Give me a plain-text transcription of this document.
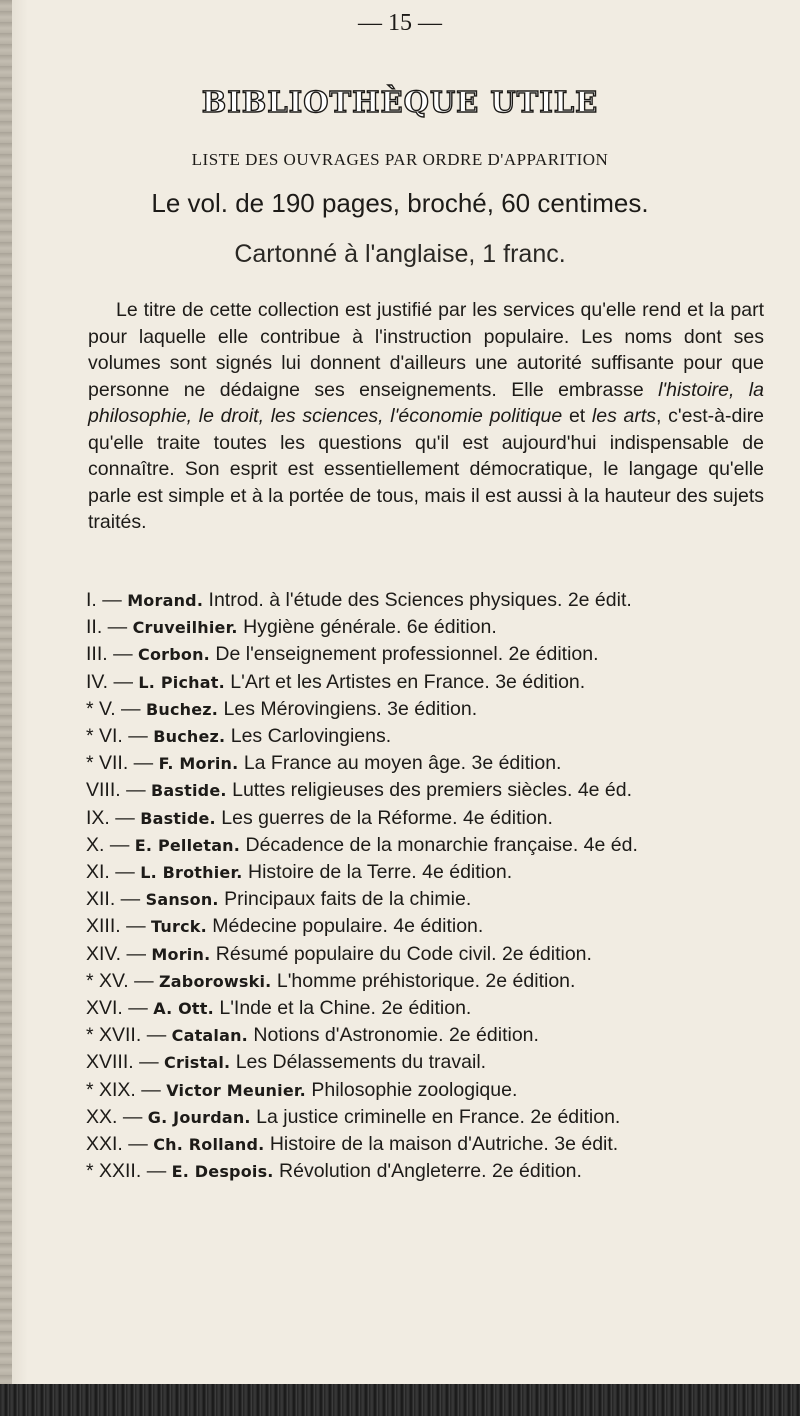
— 15 —
BIBLIOTHÈQUE UTILE
LISTE DES OUVRAGES PAR ORDRE D'APPARITION
Le vol. de 190 pages, broché, 60 centimes.
Cartonné à l'anglaise, 1 franc.

Le titre de cette collection est justifié par les services qu'elle rend et la part pour laquelle elle contribue à l'instruction populaire. Les noms dont ses volumes sont signés lui donnent d'ailleurs une autorité suffisante pour que personne ne dédaigne ses enseignements. Elle embrasse l'histoire, la philosophie, le droit, les sciences, l'économie politique et les arts, c'est-à-dire qu'elle traite toutes les questions qu'il est aujourd'hui indispensable de connaître. Son esprit est essentiellement démocratique, le langage qu'elle parle est simple et à la portée de tous, mais il est aussi à la hauteur des sujets traités.

I. — Morand. Introd. à l'étude des Sciences physiques. 2e édit.
II. — Cruveilhier. Hygiène générale. 6e édition.
III. — Corbon. De l'enseignement professionnel. 2e édition.
IV. — L. Pichat. L'Art et les Artistes en France. 3e édition.
* V. — Buchez. Les Mérovingiens. 3e édition.
* VI. — Buchez. Les Carlovingiens.
* VII. — F. Morin. La France au moyen âge. 3e édition.
VIII. — Bastide. Luttes religieuses des premiers siècles. 4e éd.
IX. — Bastide. Les guerres de la Réforme. 4e édition.
X. — E. Pelletan. Décadence de la monarchie française. 4e éd.
XI. — L. Brothier. Histoire de la Terre. 4e édition.
XII. — Sanson. Principaux faits de la chimie.
XIII. — Turck. Médecine populaire. 4e édition.
XIV. — Morin. Résumé populaire du Code civil. 2e édition.
* XV. — Zaborowski. L'homme préhistorique. 2e édition.
XVI. — A. Ott. L'Inde et la Chine. 2e édition.
* XVII. — Catalan. Notions d'Astronomie. 2e édition.
XVIII. — Cristal. Les Délassements du travail.
* XIX. — Victor Meunier. Philosophie zoologique.
XX. — G. Jourdan. La justice criminelle en France. 2e édition.
XXI. — Ch. Rolland. Histoire de la maison d'Autriche. 3e édit.
* XXII. — E. Despois. Révolution d'Angleterre. 2e édition.
